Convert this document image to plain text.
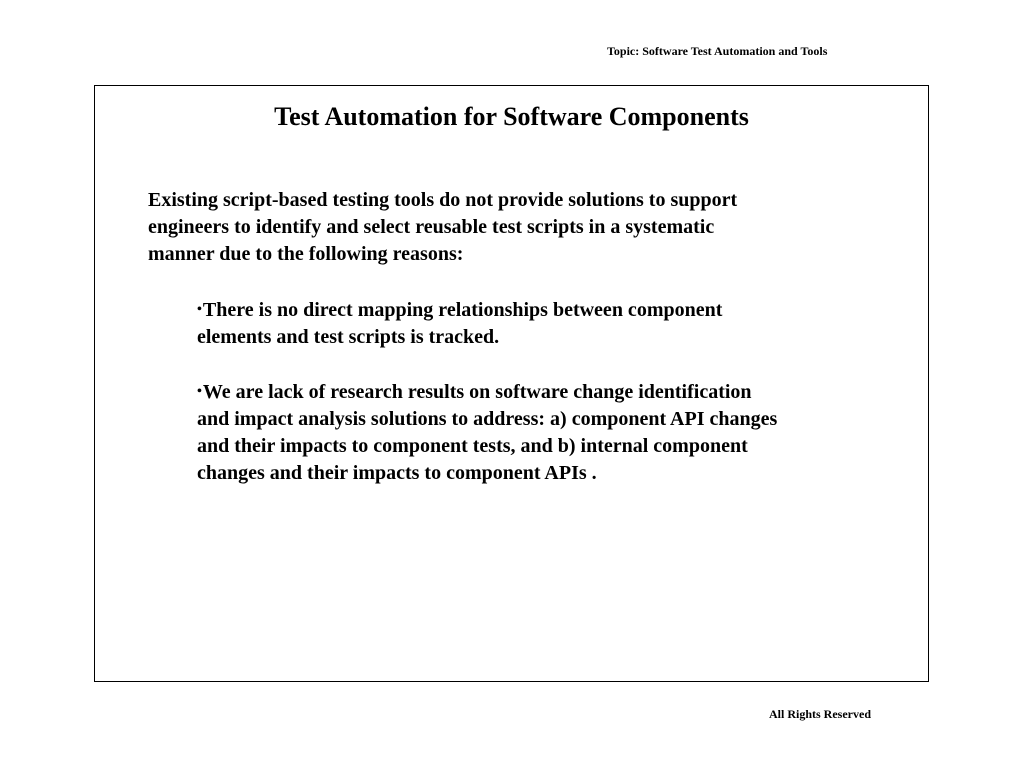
Topic: Software Test Automation and Tools
Test Automation for Software Components

Existing script-based testing tools do not provide solutions to support
engineers to identify and select reusable test scripts in a systematic
manner due to the following reasons:

•There is no direct mapping relationships between component
elements and test scripts is tracked.

•We are lack of research results on software change identification
and impact analysis solutions to address: a) component API changes
and their impacts to component tests, and b) internal component
changes and their impacts to component APIs .

All Rights Reserved
